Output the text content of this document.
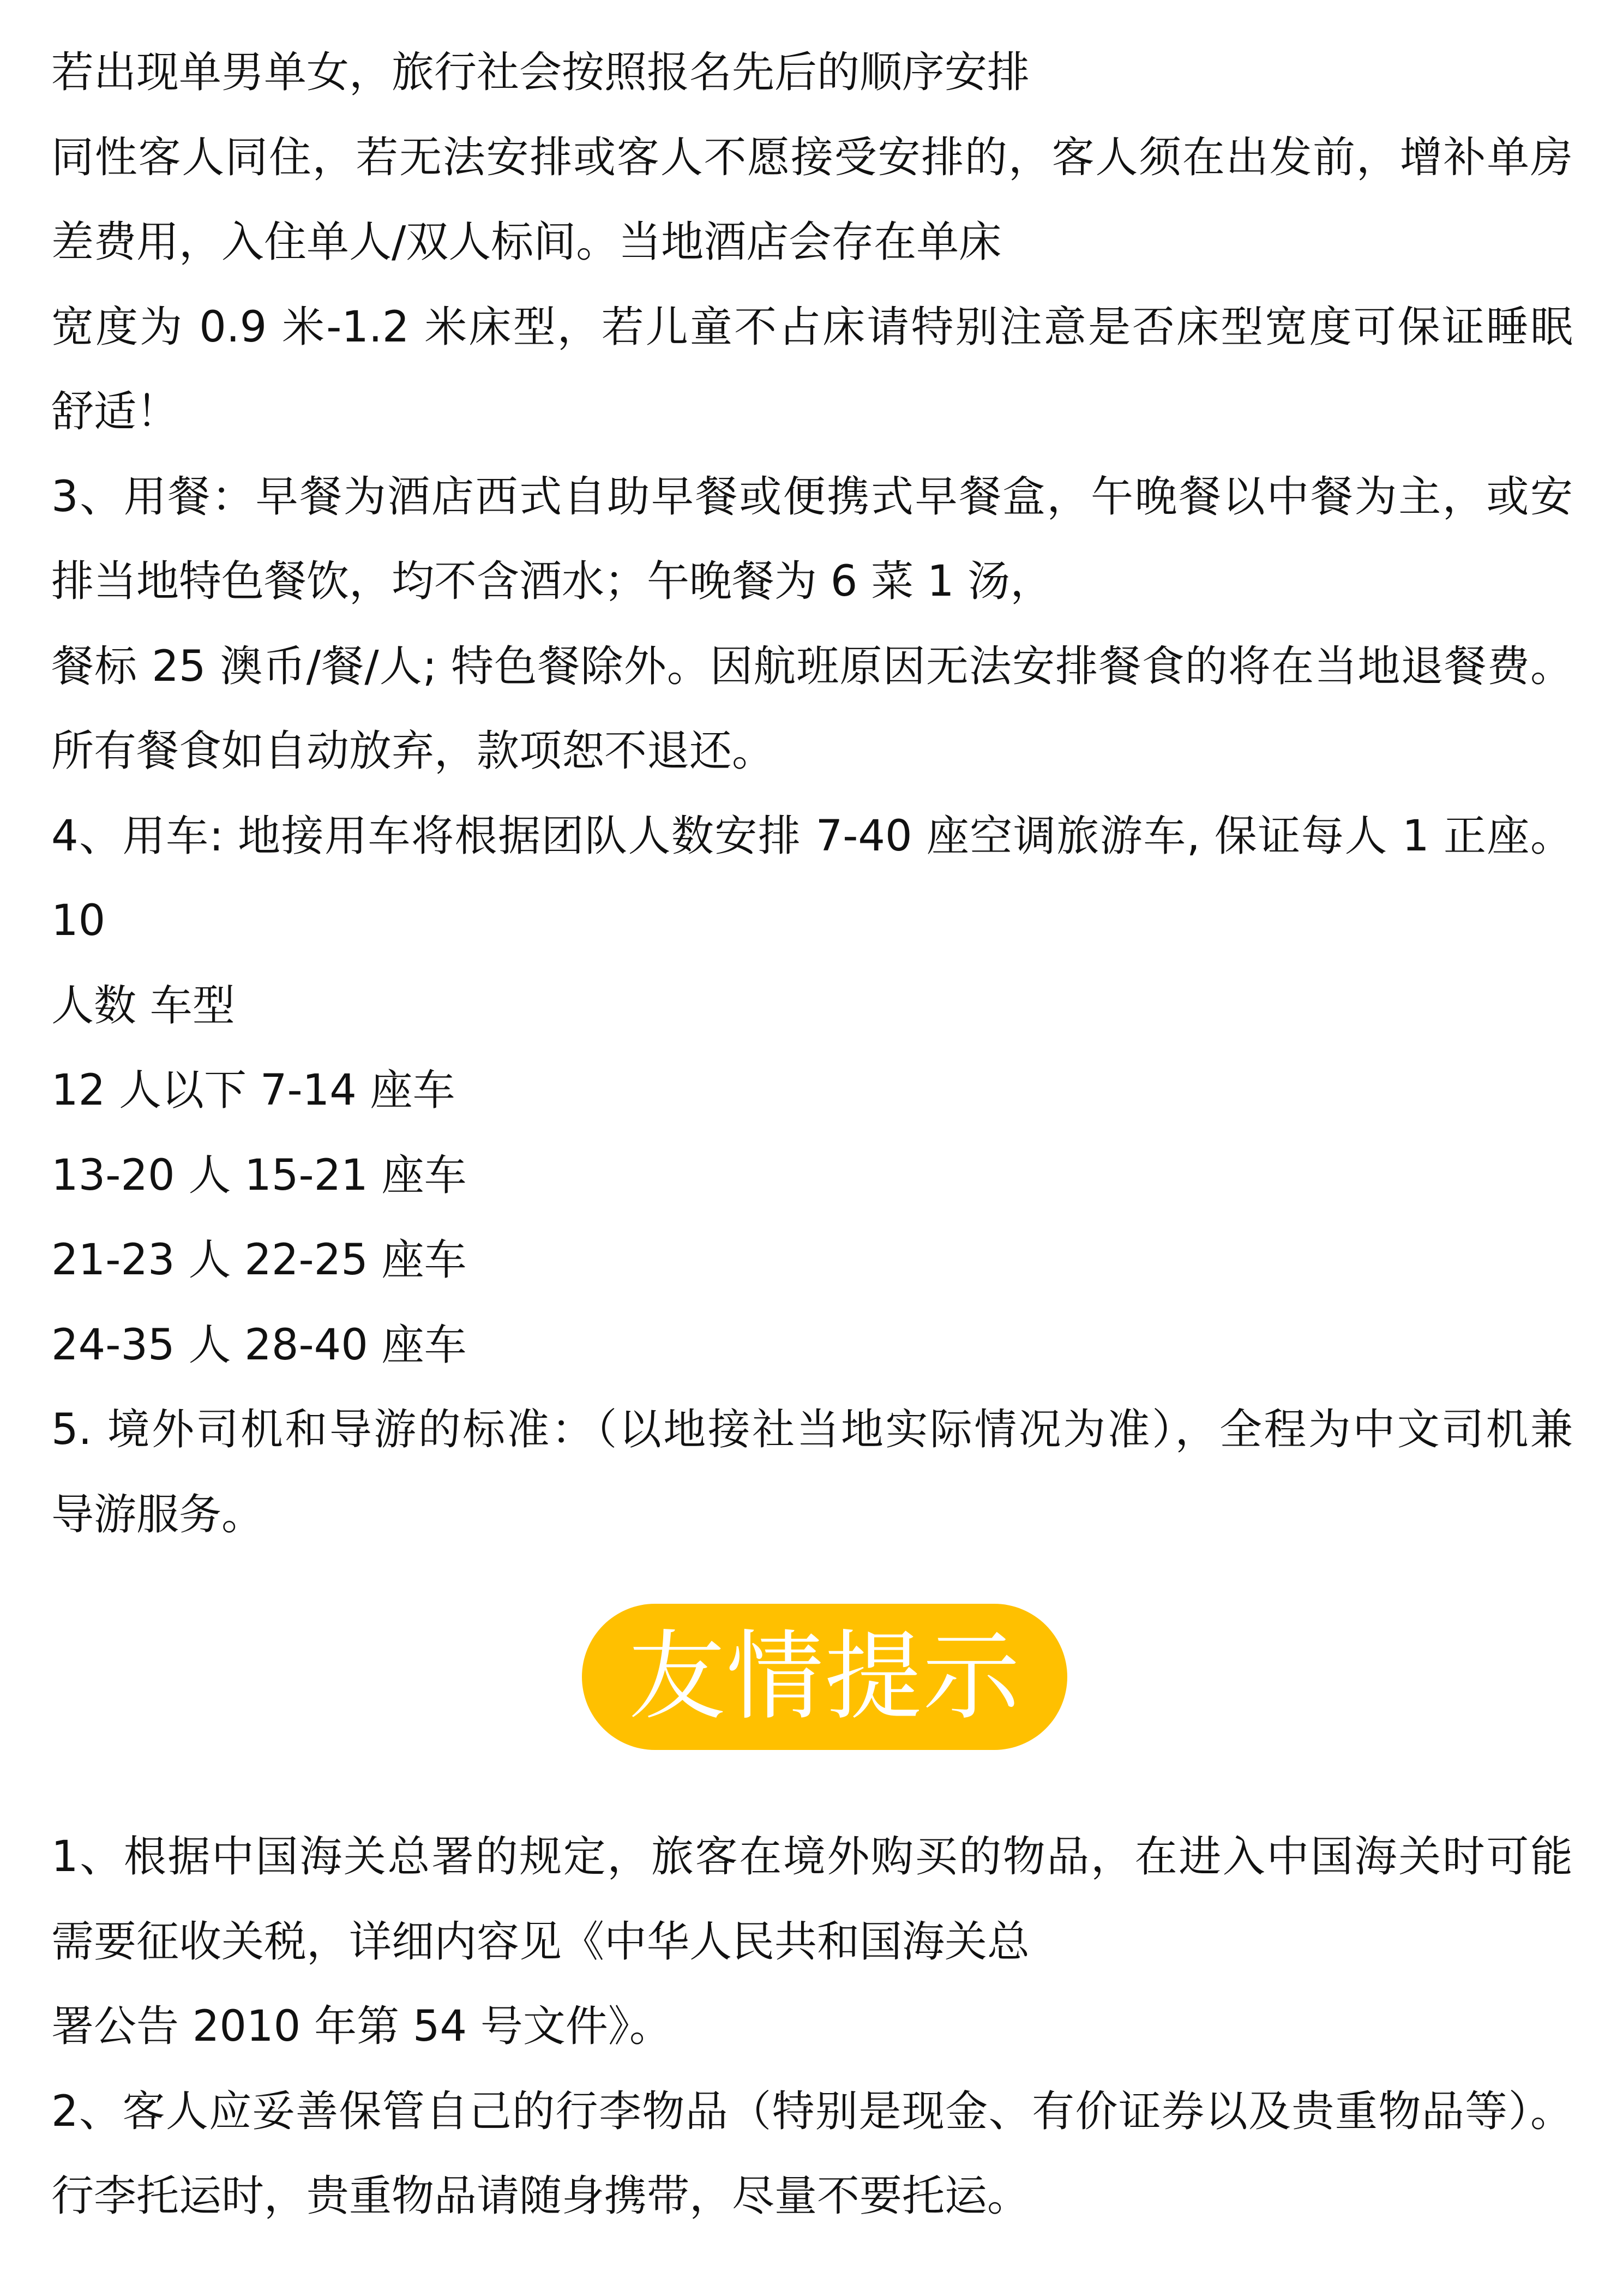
若出现单男单女，旅行社会按照报名先后的顺序安排
同性客人同住，若无法安排或客人不愿接受安排的，客人须在出发前，增补单房
差费用，入住单人/双人标间。当地酒店会存在单床
宽度为 0.9 米-1.2 米床型，若儿童不占床请特别注意是否床型宽度可保证睡眠
舒适！
3、用餐：早餐为酒店西式自助早餐或便携式早餐盒，午晚餐以中餐为主，或安
排当地特色餐饮，均不含酒水；午晚餐为 6 菜 1 汤，
餐标 25 澳币/餐/人; 特色餐除外。因航班原因无法安排餐食的将在当地退餐费。
所有餐食如自动放弃，款项恕不退还。
4、用车: 地接用车将根据团队人数安排 7-40 座空调旅游车, 保证每人 1 正座。
10
人数 车型
12 人以下 7-14 座车
13-20 人 15-21 座车
21-23 人 22-25 座车
24-35 人 28-40 座车
5. 境外司机和导游的标准：（以地接社当地实际情况为准），全程为中文司机兼
导游服务。
友情提示
1、根据中国海关总署的规定，旅客在境外购买的物品，在进入中国海关时可能
需要征收关税，详细内容见《中华人民共和国海关总
署公告 2010 年第 54 号文件》。
2、客人应妥善保管自己的行李物品（特别是现金、有价证券以及贵重物品等）。
行李托运时，贵重物品请随身携带，尽量不要托运。
